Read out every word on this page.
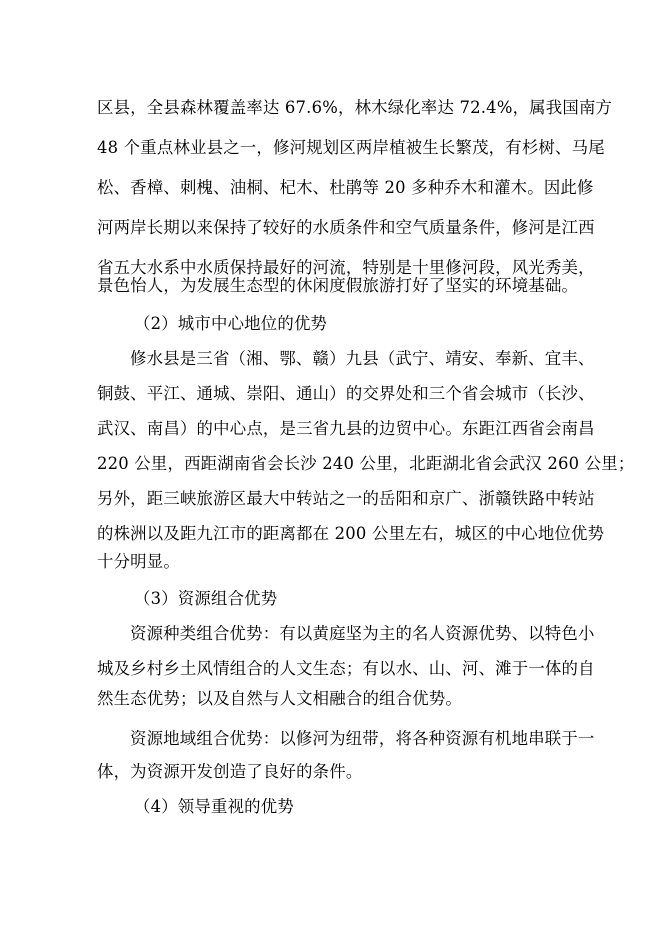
区县，全县森林覆盖率达 67.6%，林木绿化率达 72.4%，属我国南方
48 个重点林业县之一，修河规划区两岸植被生长繁茂，有杉树、马尾
松、香樟、刺槐、油桐、杞木、杜鹃等 20 多种乔木和灌木。因此修
河两岸长期以来保持了较好的水质条件和空气质量条件，修河是江西
省五大水系中水质保持最好的河流，特别是十里修河段，风光秀美，
景色怡人，为发展生态型的休闲度假旅游打好了坚实的环境基础。
（2）城市中心地位的优势
修水县是三省（湘、鄂、赣）九县（武宁、靖安、奉新、宜丰、
铜鼓、平江、通城、崇阳、通山）的交界处和三个省会城市（长沙、
武汉、南昌）的中心点，是三省九县的边贸中心。东距江西省会南昌
220 公里，西距湖南省会长沙 240 公里，北距湖北省会武汉 260 公里；
另外，距三峡旅游区最大中转站之一的岳阳和京广、浙赣铁路中转站
的株洲以及距九江市的距离都在 200 公里左右，城区的中心地位优势
十分明显。
（3）资源组合优势
资源种类组合优势：有以黄庭坚为主的名人资源优势、以特色小
城及乡村乡土风情组合的人文生态；有以水、山、河、滩于一体的自
然生态优势；以及自然与人文相融合的组合优势。
资源地域组合优势：以修河为纽带，将各种资源有机地串联于一
体，为资源开发创造了良好的条件。
（4）领导重视的优势
